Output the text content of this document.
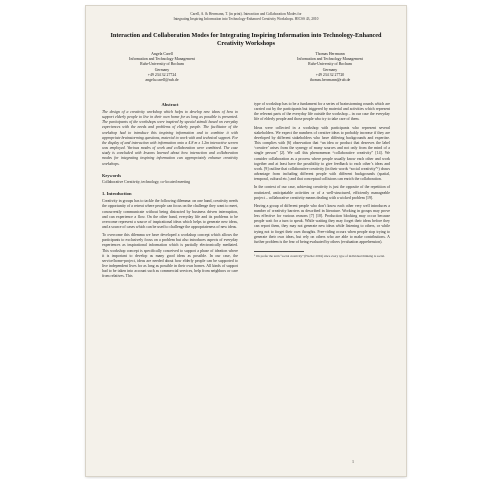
Carell, A. & Herrmann, T. (in print). Interaction and Collaboration Modes for
Integrating Inspiring Information into Technology-Enhanced Creativity Workshops. HICSS 43, 2010
Interaction and Collaboration Modes for Integrating Inspiring Information into Technology-Enhanced Creativity Workshops
Angela Carell
Information and Technology Management
Ruhr-University of Bochum
Germany
+49 234 32 27724
angela.carell@rub.de
Thomas Herrmann
Information and Technology Management
Ruhr-University of Bochum
Germany
+49 234 32 27720
thomas.herrmann@rub.de
Abstract

The design of a creativity workshop which helps to develop new ideas of how to support elderly people to live in their own home for as long as possible is presented. The participants of the workshops were inspired by special stimuli based on everyday experiences with the needs and problems of elderly people. The facilitator of the workshop had to introduce this inspiring information and to combine it with appropriate brainstorming questions, material to work with and technical support. For the display of and interaction with information onto a 4.8 m x 1.2m interactive screen was employed. Various modes of work and collaboration were combined. The case study is concluded with lessons learned about how interaction and collaboration modes for integrating inspiring information can appropriately enhance creativity workshops.

Keywords

Collaborative Creativity, technology, co-located meeting

1. Introduction

Creativity in groups has to tackle the following dilemma: on one hand, creativity needs the opportunity of a retreat where people can focus on the challenge they want to meet, concurrently communicate without being distracted by business driven interruption, and can experience a flow. On the other hand, everyday life and its problems to be overcome represent a source of inspirational ideas which helps to generate new ideas, and a source of cases which can be used to challenge the appropriateness of new ideas.

To overcome this dilemma we have developed a workshop concept which allows the participants to exclusively focus on a problem but also introduces aspects of everyday experiences as inspirational information which is partially electronically mediated. This workshop concept is specifically conceived to support a phase of ideation where it is important to develop as many good ideas as possible. In our case, the service/home-project, ideas are needed about how elderly people can be supported to live independent lives for as long as possible in their own homes. All kinds of support had to be taken into account such as commercial services, help from neighbors or care from relatives. This

type of workshop has to be a fundament for a series of brainstorming rounds which are carried out by the participants but triggered by material and activities which represent the relevant parts of the everyday life outside the workshop – in our case the everyday life of elderly people and those people who try to take care of them.

Ideas were collected in a workshop with participants who represent several stakeholders. We expect the numbers of creative ideas to probably increase if they are developed by different stakeholders who have differing backgrounds and expertise. This complies with [6] observation that “an idea or product that deserves the label ‘creative’ arises from the synergy of many sources and not only from the mind of a single person” [2]. We call this phenomenon “collaborative creativity” [14]. We consider collaboration as a process where people usually know each other and work together and at least have the possibility to give feedback to each other’s ideas and work. [9] outline that collaborative creativity (in their words “social creativity”¹) draws advantage from including different people with different backgrounds (spatial, temporal, cultural etc.) and that conceptual collisions can enrich the collaboration.

In the context of our case, achieving creativity is just the opposite of the repetition of routinized, anticipatable activities or of a well-structured, efficiently manageable project – collaborative creativity means dealing with a wicked problem [19].

Having a group of different people who don’t know each other very well introduces a number of creativity barriers as described in literature. Working in groups may prove less effective for various reasons [7] [10]. Production blocking may occur because people wait for a turn to speak. While waiting they may forget their ideas before they can report them, they may not generate new ideas while listening to others, or while trying not to forget their own thoughts. Free-riding occurs when people stop trying to generate their own ideas, but rely on others who are able to make contributions. A further problem is the fear of being evaluated by others (evaluation apprehension).

¹ We prefer the term “social creativity” (Fischer 2004) since every type of individual thinking is social.
1
